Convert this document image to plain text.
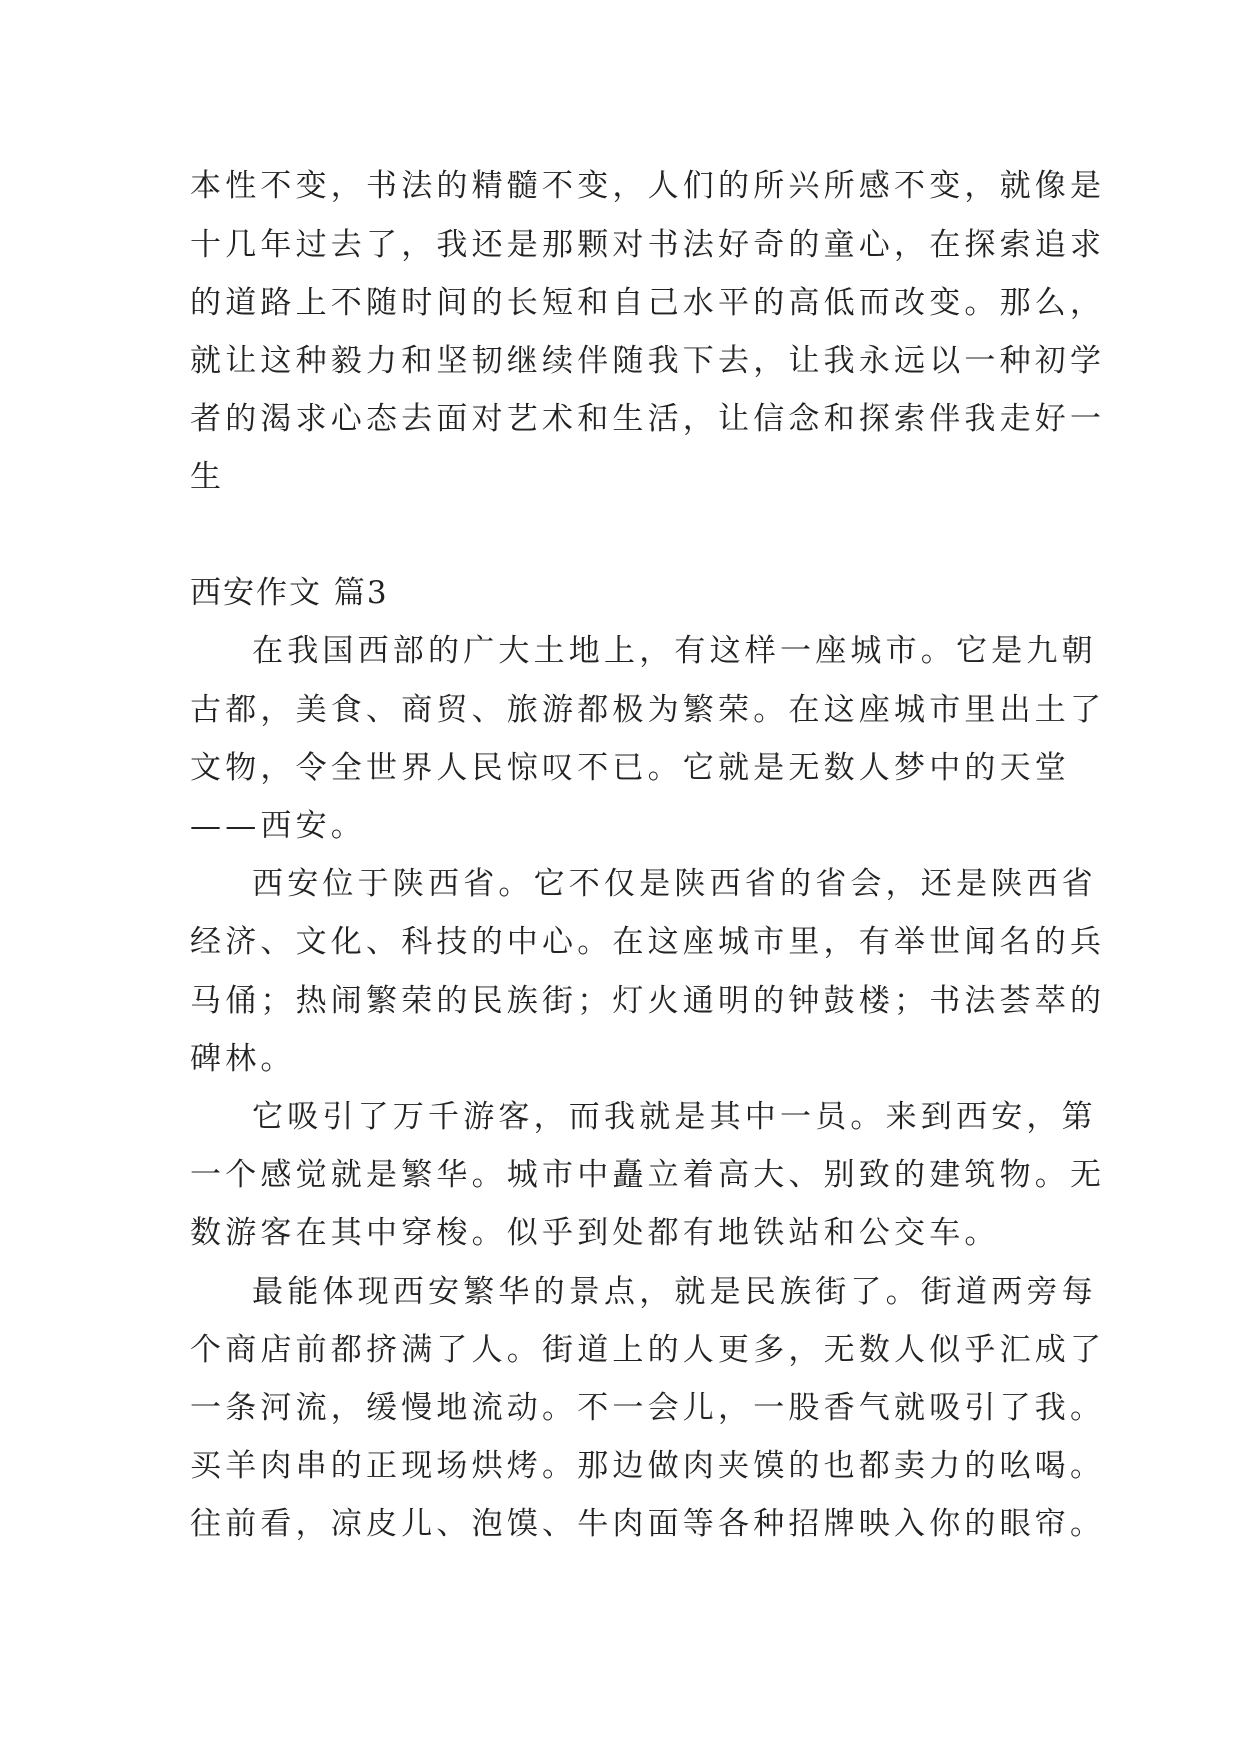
本性不变，书法的精髓不变，人们的所兴所感不变，就像是
十几年过去了，我还是那颗对书法好奇的童心，在探索追求
的道路上不随时间的长短和自己水平的高低而改变。那么，
就让这种毅力和坚韧继续伴随我下去，让我永远以一种初学
者的渴求心态去面对艺术和生活，让信念和探索伴我走好一
生
西安作文 篇3
在我国西部的广大土地上，有这样一座城市。它是九朝
古都，美食、商贸、旅游都极为繁荣。在这座城市里出土了
文物，令全世界人民惊叹不已。它就是无数人梦中的天堂
——西安。
西安位于陕西省。它不仅是陕西省的省会，还是陕西省
经济、文化、科技的中心。在这座城市里，有举世闻名的兵
马俑；热闹繁荣的民族街；灯火通明的钟鼓楼；书法荟萃的
碑林。
它吸引了万千游客，而我就是其中一员。来到西安，第
一个感觉就是繁华。城市中矗立着高大、别致的建筑物。无
数游客在其中穿梭。似乎到处都有地铁站和公交车。
最能体现西安繁华的景点，就是民族街了。街道两旁每
个商店前都挤满了人。街道上的人更多，无数人似乎汇成了
一条河流，缓慢地流动。不一会儿，一股香气就吸引了我。
买羊肉串的正现场烘烤。那边做肉夹馍的也都卖力的吆喝。
往前看，凉皮儿、泡馍、牛肉面等各种招牌映入你的眼帘。
